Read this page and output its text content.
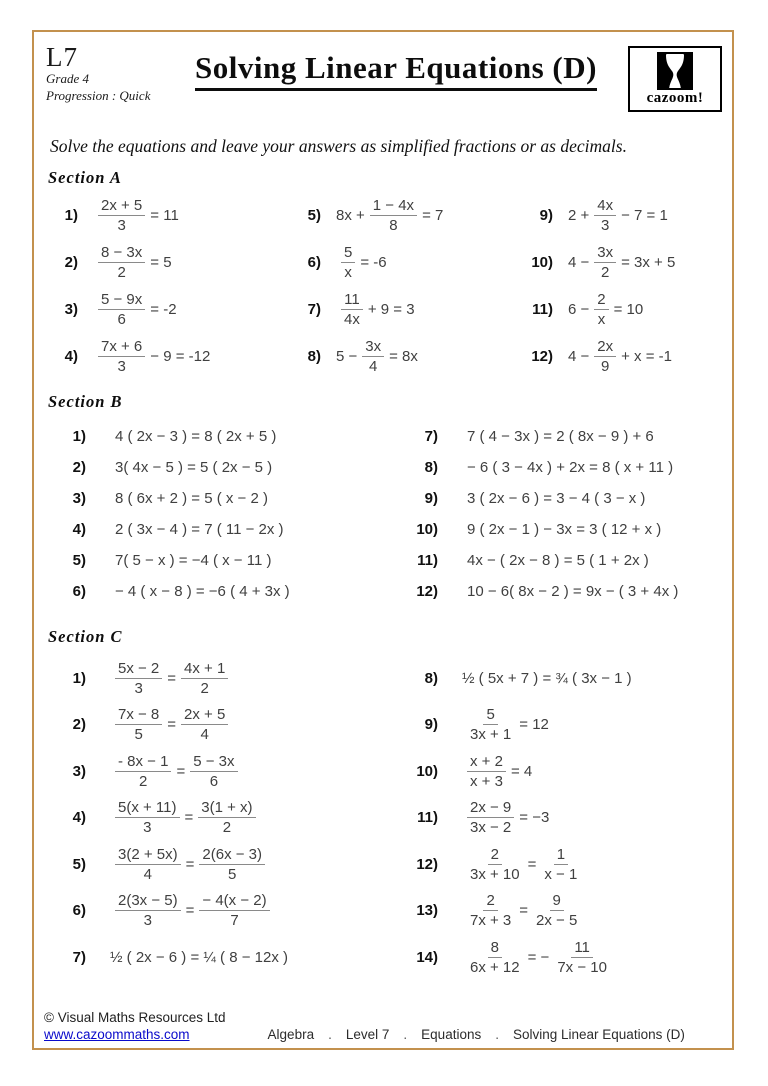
L7
Grade 4
Progression : Quick
Solving Linear Equations (D)
cazoom!
Solve the equations and leave your answers as simplified fractions or as decimals.
Section A
$1) \frac{2x + 5}{3} = 11$
$2) \frac{8 - 3x}{2} = 5$
$3) \frac{5 - 9x}{6} = -2$
$4) \frac{7x + 6}{3} - 9 = -12$
5) $8x + \frac{1 - 4x}{8} = 7$
$6) \frac{5}{x} = -6$
$7) \frac{11}{4x} + 9 = 3$
8) $5 - \frac{3x}{4} = 8x$
9) $2 + \frac{4x}{3} - 7 = 1$
10) $4 - \frac{3x}{2} = 3x + 5$
11) $6 - \frac{2}{x} = 10$
12) $4 - \frac{2x}{9} + x = -1$
Section B
1) 4 ( 2x − 3 ) = 8 ( 2x + 5 )
2) 3( 4x − 5 ) = 5 ( 2x − 5 )
3) 8 ( 6x + 2 ) = 5 ( x − 2 )
4) 2 ( 3x − 4 ) = 7 ( 11 − 2x )
5) 7( 5 − x ) = −4 ( x − 11 )
6) − 4 ( x − 8 ) = −6 ( 4 + 3x )
7) 7 ( 4 − 3x ) = 2 ( 8x − 9 ) + 6
8) − 6 ( 3 − 4x ) + 2x = 8 ( x + 11 )
9) 3 ( 2x − 6 ) = 3 − 4 ( 3 − x )
10) 9 ( 2x − 1 ) − 3x = 3 ( 12 + x )
11) 4x − ( 2x − 8 ) = 5 ( 1 + 2x )
12) 10 − 6( 8x − 2 ) = 9x − ( 3 + 4x )
Section C
$1) \frac{5x - 2}{3} = \frac{4x + 1}{2}$
$2) \frac{7x - 8}{5} = \frac{2x + 5}{4}$
$3) \frac{- 8x - 1}{2} = \frac{5 - 3x}{6}$
$4) \frac{5(x + 11)}{3} = \frac{3(1 + x)}{2}$
$5) \frac{3(2 + 5x)}{4} = \frac{2(6x - 3)}{5}$
$6) \frac{2(3x - 5)}{3} = \frac{- 4(x - 2)}{7}$
7) ½ ( 2x − 6 ) = ¼ ( 8 − 12x )
8) ½ ( 5x + 7 ) = ¾ ( 3x − 1 )
$9) \frac{5}{3x + 1} = 12$
$10) \frac{x + 2}{x + 3} = 4$
$11) \frac{2x - 9}{3x - 2} = -3$
$12) \frac{2}{3x + 10} = \frac{1}{x - 1}$
$13) \frac{2}{7x + 3} = \frac{9}{2x - 5}$
$14) \frac{8}{6x + 12}$ = − $\frac{11}{7x - 10}$
© Visual Maths Resources Ltd
www.cazoommaths.com	Algebra . Level 7 . Equations . Solving Linear Equations (D)
